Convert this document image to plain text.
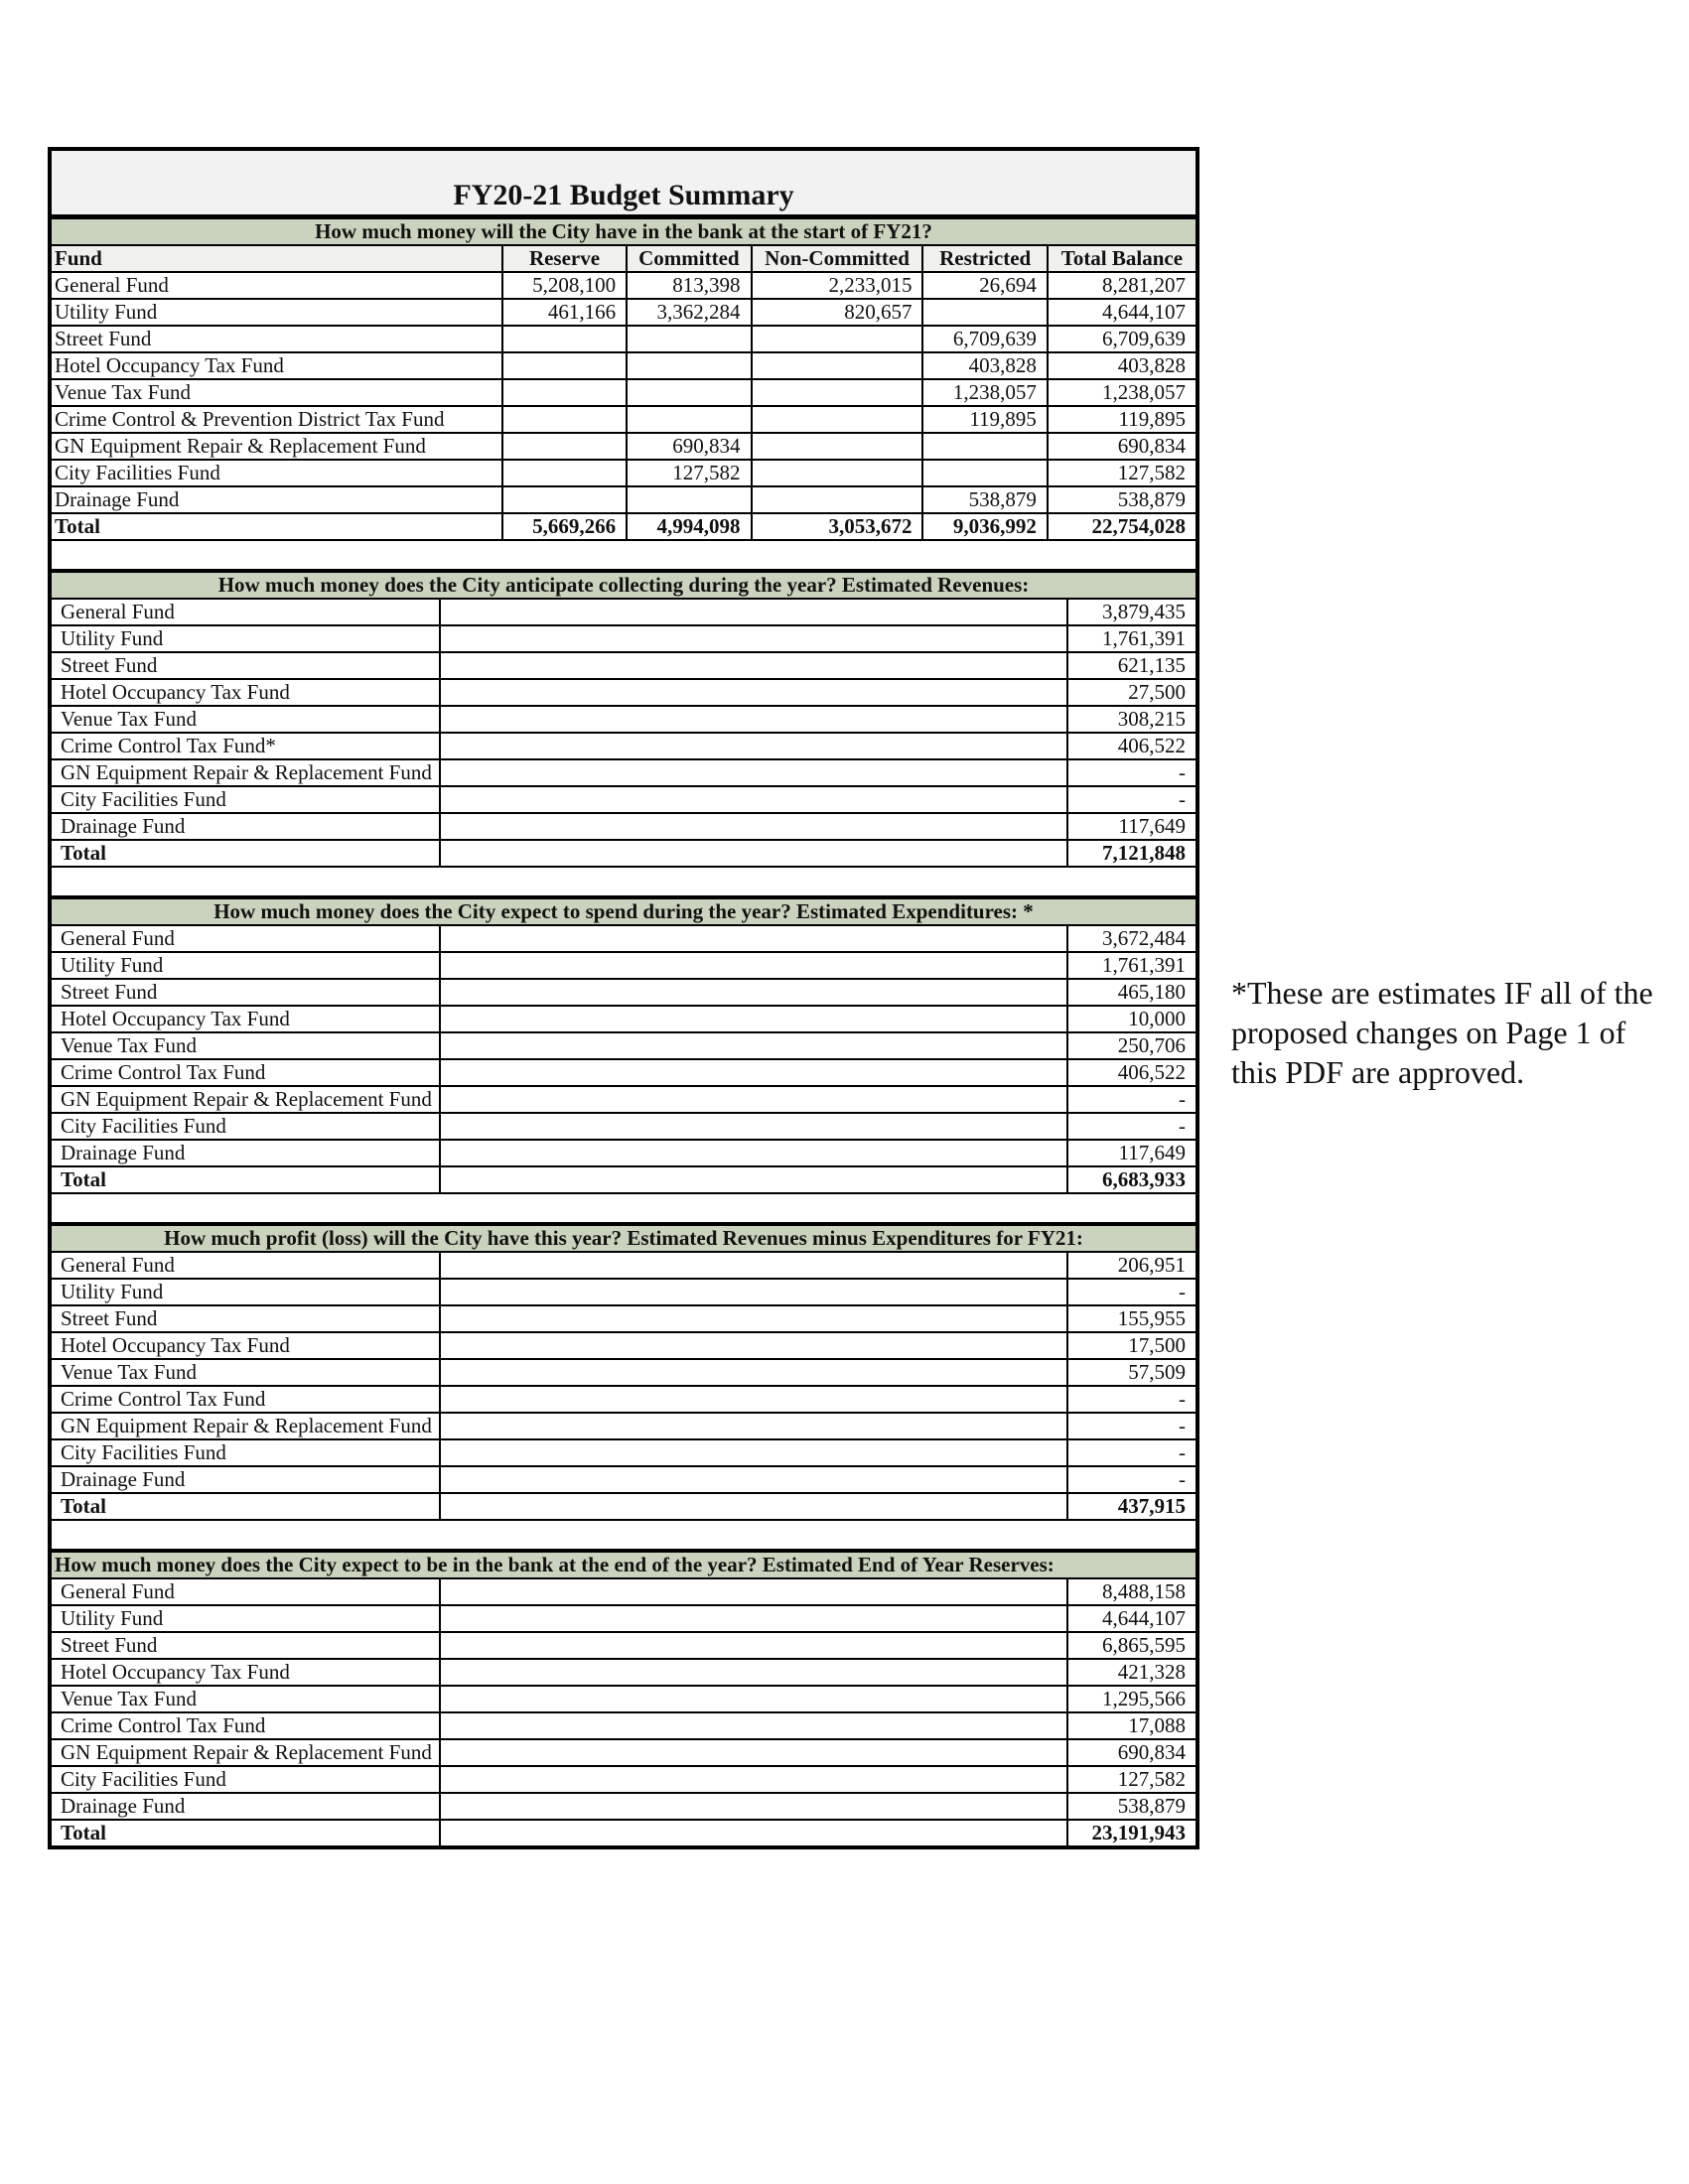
FY20-21 Budget Summary
How much money will the City have in the bank at the start of FY21?					
Fund	Reserve	Committed	Non-Committed	Restricted	Total Balance
General Fund	5,208,100	813,398	2,233,015	26,694	8,281,207
Utility Fund	461,166	3,362,284	820,657		4,644,107
Street Fund				6,709,639	6,709,639
Hotel Occupancy Tax Fund				403,828	403,828
Venue Tax Fund				1,238,057	1,238,057
Crime Control & Prevention District Tax Fund				119,895	119,895
GN Equipment Repair & Replacement Fund		690,834			690,834
City Facilities Fund		127,582			127,582
Drainage Fund				538,879	538,879
Total	5,669,266	4,994,098	3,053,672	9,036,992	22,754,028

How much money does the City anticipate collecting during the year? Estimated Revenues:		
General Fund		3,879,435
Utility Fund		1,761,391
Street Fund		621,135
Hotel Occupancy Tax Fund		27,500
Venue Tax Fund		308,215
Crime Control Tax Fund*		406,522
GN Equipment Repair & Replacement Fund		-
City Facilities Fund		-
Drainage Fund		117,649
Total		7,121,848

How much money does the City expect to spend during the year? Estimated Expenditures: *		
General Fund		3,672,484
Utility Fund		1,761,391
Street Fund		465,180
Hotel Occupancy Tax Fund		10,000
Venue Tax Fund		250,706
Crime Control Tax Fund		406,522
GN Equipment Repair & Replacement Fund		-
City Facilities Fund		-
Drainage Fund		117,649
Total		6,683,933

How much profit (loss) will the City have this year? Estimated Revenues minus Expenditures for FY21:		
General Fund		206,951
Utility Fund		-
Street Fund		155,955
Hotel Occupancy Tax Fund		17,500
Venue Tax Fund		57,509
Crime Control Tax Fund		-
GN Equipment Repair & Replacement Fund		-
City Facilities Fund		-
Drainage Fund		-
Total		437,915

How much money does the City expect to be in the bank at the end of the year? Estimated End of Year Reserves:		
General Fund		8,488,158
Utility Fund		4,644,107
Street Fund		6,865,595
Hotel Occupancy Tax Fund		421,328
Venue Tax Fund		1,295,566
Crime Control Tax Fund		17,088
GN Equipment Repair & Replacement Fund		690,834
City Facilities Fund		127,582
Drainage Fund		538,879
Total		23,191,943
*These are estimates IF all of the proposed changes on Page 1 of this PDF are approved.
